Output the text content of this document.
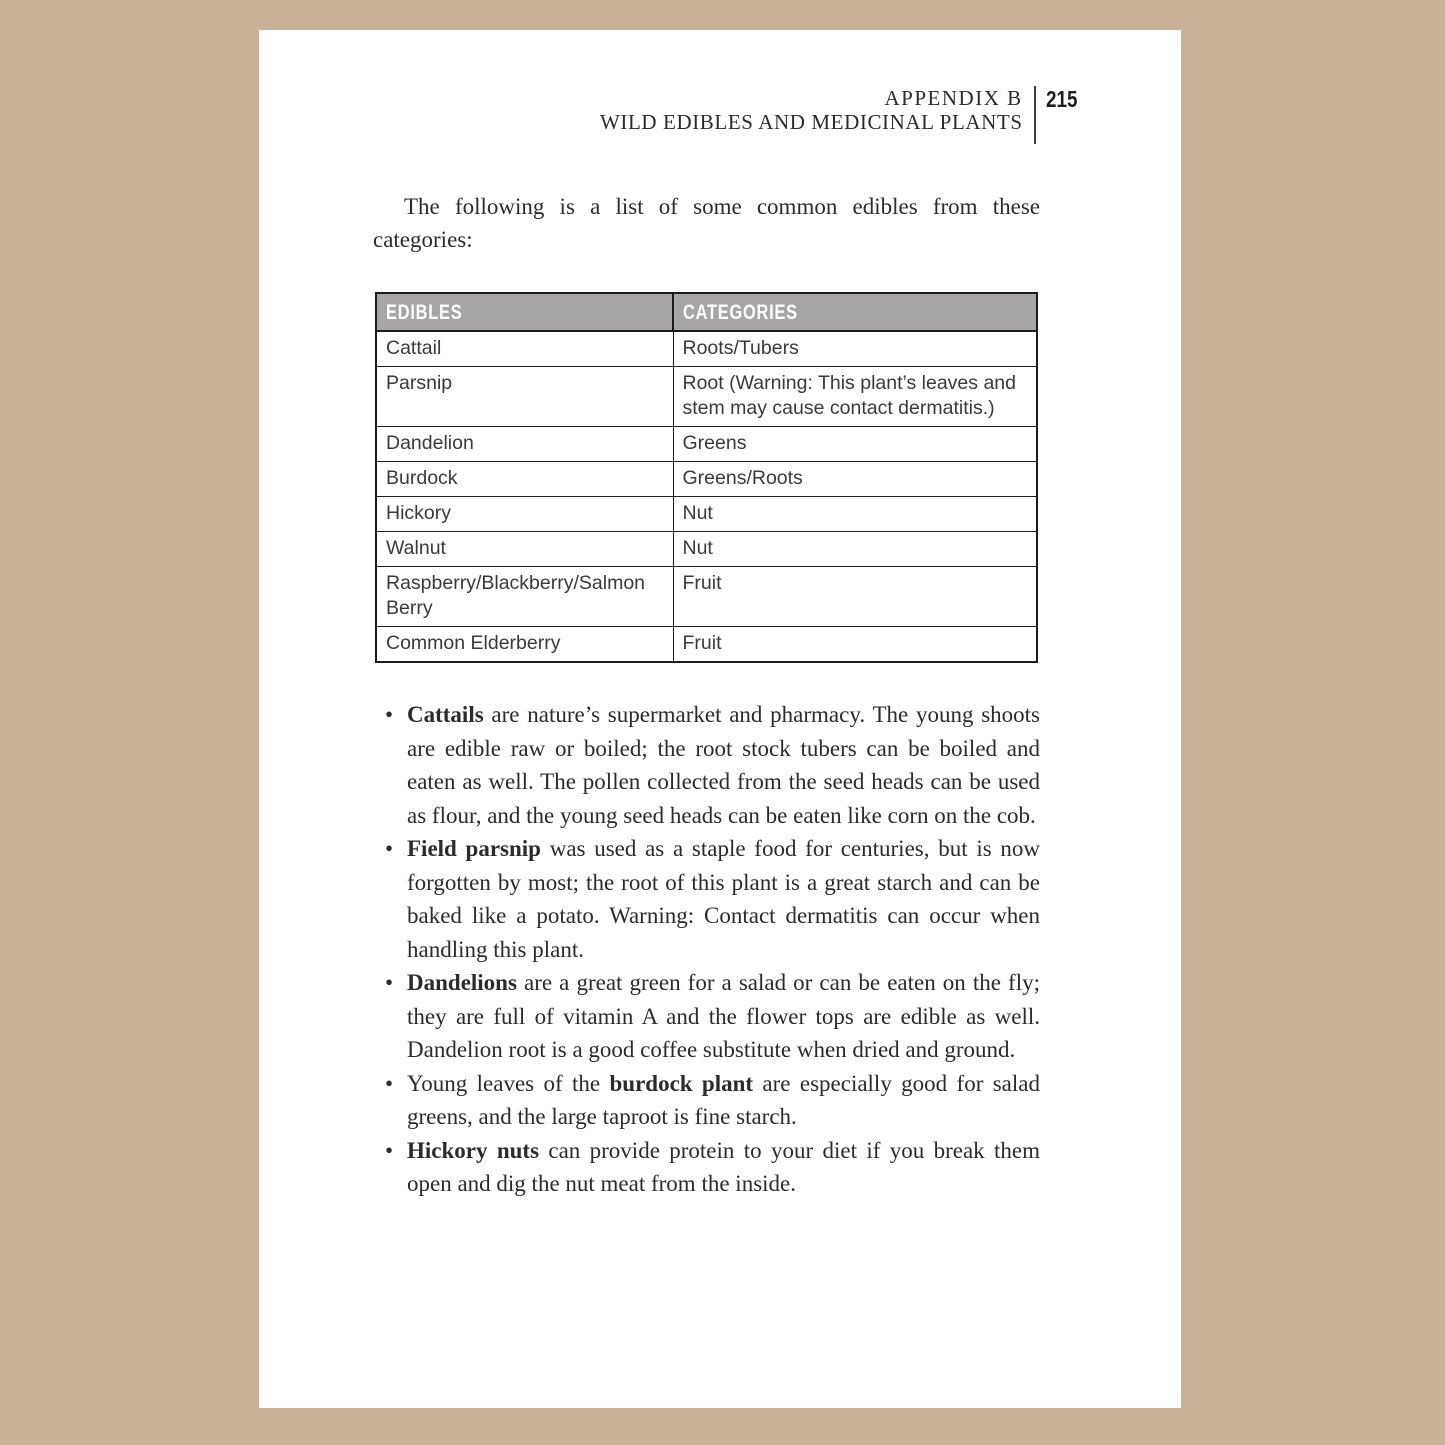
APPENDIX B
WILD EDIBLES AND MEDICINAL PLANTS
215

The following is a list of some common edibles from these categories:

EDIBLES	CATEGORIES
Cattail	Roots/Tubers
Parsnip	Root (Warning: This plant’s leaves and stem may cause contact dermatitis.)
Dandelion	Greens
Burdock	Greens/Roots
Hickory	Nut
Walnut	Nut
Raspberry/Blackberry/Salmon Berry	Fruit
Common Elderberry	Fruit
• Cattails are nature’s supermarket and pharmacy. The young shoots are edible raw or boiled; the root stock tubers can be boiled and eaten as well. The pollen collected from the seed heads can be used as flour, and the young seed heads can be eaten like corn on the cob.
• Field parsnip was used as a staple food for centuries, but is now forgotten by most; the root of this plant is a great starch and can be baked like a potato. Warning: Contact dermatitis can occur when handling this plant.
• Dandelions are a great green for a salad or can be eaten on the fly; they are full of vitamin A and the flower tops are edible as well. Dandelion root is a good coffee substitute when dried and ground.
• Young leaves of the burdock plant are especially good for salad greens, and the large taproot is fine starch.
• Hickory nuts can provide protein to your diet if you break them open and dig the nut meat from the inside.
